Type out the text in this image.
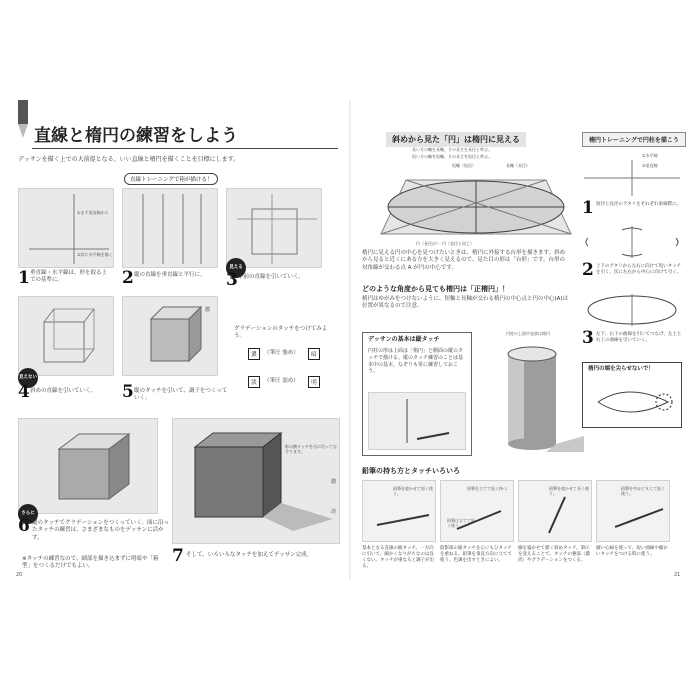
直線と楕円の練習をしよう
デッサンを描く上での大前提となる、いい直線と楕円を描くことを目標にします。
直線トレーニングで箱が描ける！
①まず垂直線から
②次に水平線を描く
1 垂直線・水平線は、形を取る上での基準に。	2 縦の直線を垂直線と平行に。
見える
3 手前の直線を引いていく。
見えない
4 斜めの直線を引いていく。
濃
5 縦のタッチを引いて、調子をつくっていく。
グラデーションのタッチをつけてみよう。
濃	（筆圧 強め）	暗
淡	（筆圧 弱め）	明
さらに
6 縦のタッチでグラデーションをつくっていく。面に沿ったタッチの練習は、さまざまなものをデッサンに活かす。
※タッチの練習なので、細部を描き込まずに明暗や「箱型」をつくるだけでもよい。
影の横タッチを台に沿ってなぞります。
濃
淡
7 そして、いろいろなタッチを加えてデッサン完成。
20
斜めから見た「円」は楕円に見える
長い方の軸を長軸、その長さを長径と呼ぶ。
短い方の軸を短軸、その長さを短径と呼ぶ。
短軸（短径）	長軸（長径）
円（長径が）・円（直径と同じ）
楕円に見える円の中心を見つけたいときは、楕円に外接する台形を描きます。斜めから見ると近くにある方を大きく見えるので、見た目の形は「台形」です。台形の対角線が交わる点 A が円の中心です。
どのような角度から見ても楕円は「正楕円」！
楕円はゆがみをつけないように、短軸と長軸が交わる楕円の中心点と円の中心(A)は位置が異なるので注意。
デッサンの基本は縦タッチ
円柱の形は上面は「楕円」と側面の縦のタッチで描ける。縦のタッチ練習のことは基本中の基本。なぞりも常に練習しておこう。
円柱の上面中直部は楕円
鉛筆の持ち方とタッチいろいろ
鉛筆を寝かせて短く使う。
鉛筆を立てて短く持つ
鉛筆は立てて短く使う。
鉛筆を寝かせて長く使う。
鉛筆を中ほど支えて短く使う。
基本となる直線の縦タッチ。一方向に引いて、細かくなりがちなのは良くない。タッチが重なると調子が出る。
陰影部の縦タッチを心にもひタッチを重ねる。鉛筆を垂直方向に立てて使う。色調を出すときによい。
細を寝かせて描く斜めタッチ。筆圧を変えることで、タッチの強弱（濃淡）やグラデーションをつくる。
細い心線を使って、短い曲線や細かいタッチをつける時に使う。
楕円トレーニングで円柱を描こう
①水平線
②垂直線
1 短径と長径のアタリをそれぞれ垂線際に。
2 上下のアタリから左右に向けて短いタッチを引く。次に左右から中心に向けて引く。
3 左下、右下の曲線を引いてつなげ、左上と右上の曲線を引いていく。
楕円の端を尖らせないで！
21
